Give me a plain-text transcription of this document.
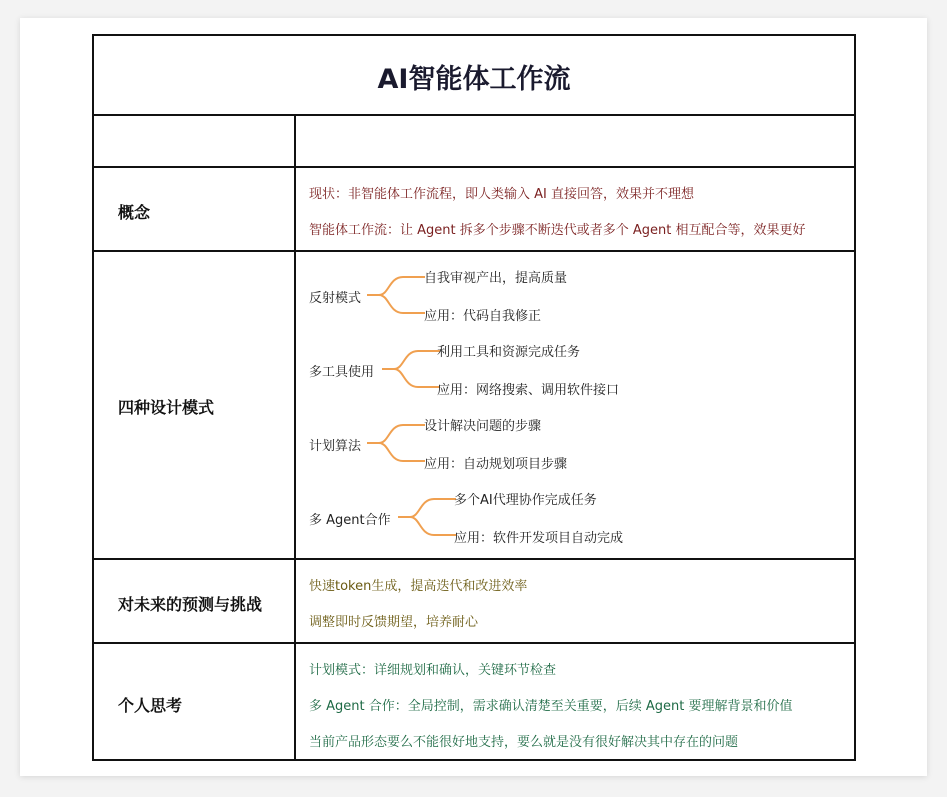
AI智能体工作流
概念
现状：非智能体工作流程，即人类输入 AI 直接回答，效果并不理想
智能体工作流：让 Agent 拆多个步骤不断迭代或者多个 Agent 相互配合等，效果更好
四种设计模式
反射模式
自我审视产出，提高质量
应用：代码自我修正
多工具使用
利用工具和资源完成任务
应用：网络搜索、调用软件接口
计划算法
设计解决问题的步骤
应用：自动规划项目步骤
多 Agent合作
多个AI代理协作完成任务
应用：软件开发项目自动完成
对未来的预测与挑战
快速token生成，提高迭代和改进效率
调整即时反馈期望，培养耐心
个人思考
计划模式：详细规划和确认，关键环节检查
多 Agent 合作：全局控制，需求确认清楚至关重要，后续 Agent 要理解背景和价值
当前产品形态要么不能很好地支持，要么就是没有很好解决其中存在的问题
